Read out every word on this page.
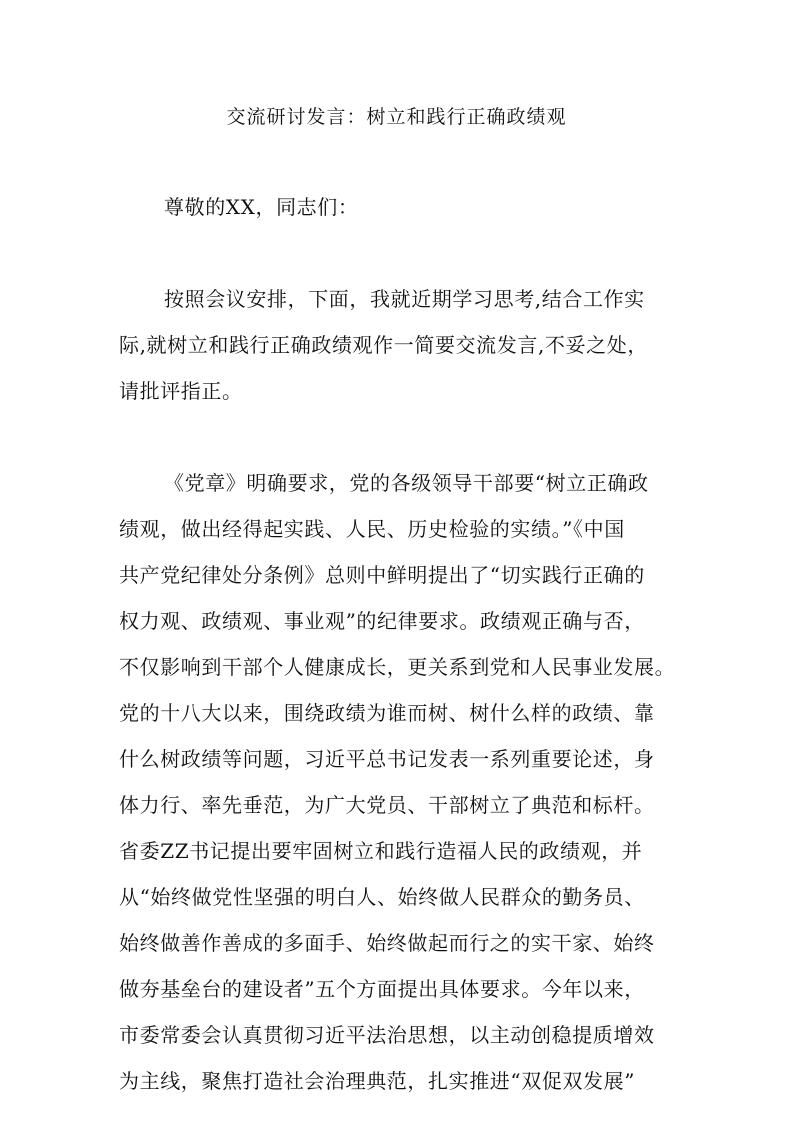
交流研讨发言：树立和践行正确政绩观
尊敬的XX，同志们：
按照会议安排，下面，我就近期学习思考,结合工作实
际,就树立和践行正确政绩观作一简要交流发言,不妥之处，
请批评指正。
《党章》明确要求，党的各级领导干部要“树立正确政
绩观，做出经得起实践、人民、历史检验的实绩。”《中国
共产党纪律处分条例》总则中鲜明提出了“切实践行正确的
权力观、政绩观、事业观”的纪律要求。政绩观正确与否，
不仅影响到干部个人健康成长，更关系到党和人民事业发展。
党的十八大以来，围绕政绩为谁而树、树什么样的政绩、靠
什么树政绩等问题，习近平总书记发表一系列重要论述，身
体力行、率先垂范，为广大党员、干部树立了典范和标杆。
省委ZZ书记提出要牢固树立和践行造福人民的政绩观，并
从“始终做党性坚强的明白人、始终做人民群众的勤务员、
始终做善作善成的多面手、始终做起而行之的实干家、始终
做夯基垒台的建设者”五个方面提出具体要求。今年以来，
市委常委会认真贯彻习近平法治思想，以主动创稳提质增效
为主线，聚焦打造社会治理典范，扎实推进“双促双发展”
